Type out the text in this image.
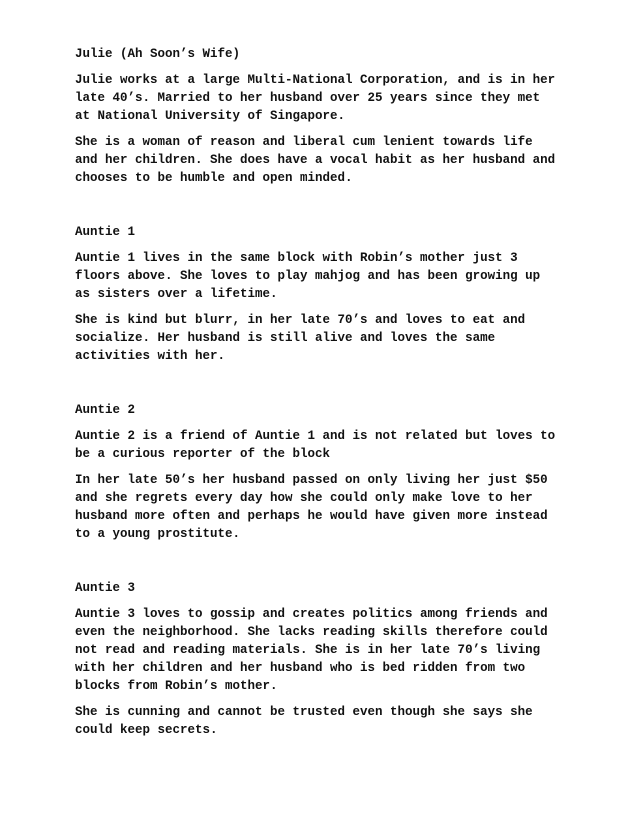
Julie (Ah Soon’s Wife)
Julie works at a large Multi-National Corporation, and is in her
late 40’s. Married to her husband over 25 years since they met
at National University of Singapore.
She is a woman of reason and liberal cum lenient towards life
and her children. She does have a vocal habit as her husband and
chooses to be humble and open minded.
Auntie 1
Auntie 1 lives in the same block with Robin’s mother just 3
floors above. She loves to play mahjog and has been growing up
as sisters over a lifetime.
She is kind but blurr, in her late 70’s and loves to eat and
socialize. Her husband is still alive and loves the same
activities with her.
Auntie 2
Auntie 2 is a friend of Auntie 1 and is not related but loves to
be a curious reporter of the block
In her late 50’s her husband passed on only living her just $50
and she regrets every day how she could only make love to her
husband more often and perhaps he would have given more instead
to a young prostitute.
Auntie 3
Auntie 3 loves to gossip and creates politics among friends and
even the neighborhood. She lacks reading skills therefore could
not read and reading materials. She is in her late 70’s living
with her children and her husband who is bed ridden from two
blocks from Robin’s mother.
She is cunning and cannot be trusted even though she says she
could keep secrets.
